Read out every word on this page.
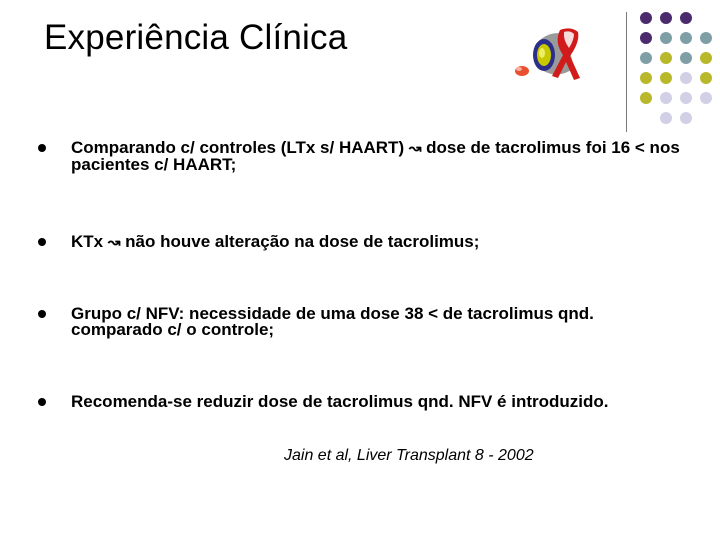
Experiência Clínica
Comparando c/ controles (LTx s/ HAART) ↝ dose de tacrolimus foi 16 < nos pacientes c/ HAART;
KTx ↝ não houve alteração na dose de tacrolimus;
Grupo c/ NFV: necessidade de uma dose 38 < de tacrolimus qnd. comparado c/ o controle;
Recomenda-se reduzir dose de tacrolimus qnd. NFV é introduzido.
Jain et al, Liver Transplant 8 - 2002
